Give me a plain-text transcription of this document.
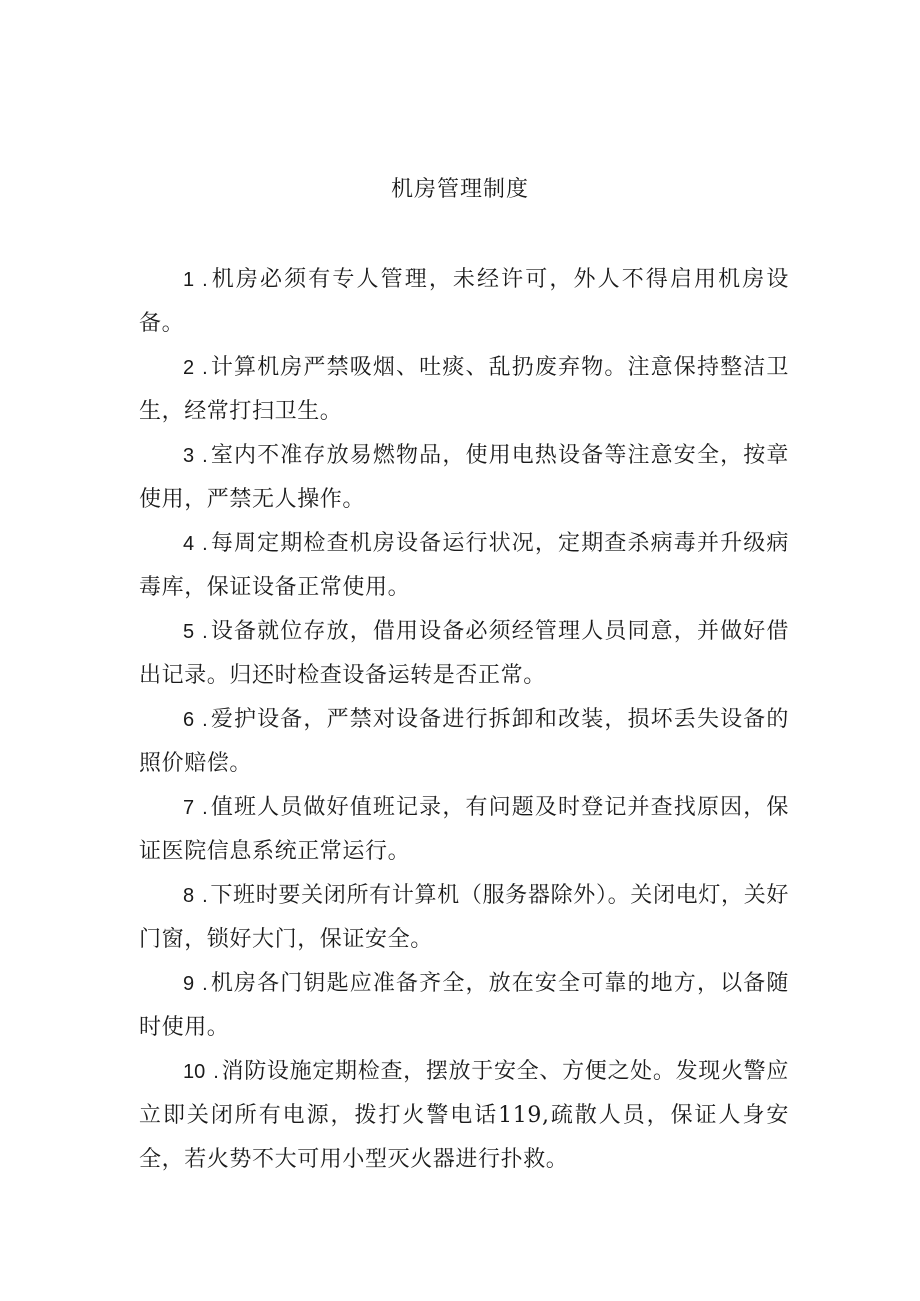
机房管理制度

1 .机房必须有专人管理，未经许可，外人不得启用机房设备。

2 .计算机房严禁吸烟、吐痰、乱扔废弃物。注意保持整洁卫生，经常打扫卫生。

3 .室内不准存放易燃物品，使用电热设备等注意安全，按章使用，严禁无人操作。

4 .每周定期检查机房设备运行状况，定期查杀病毒并升级病毒库，保证设备正常使用。

5 .设备就位存放，借用设备必须经管理人员同意，并做好借出记录。归还时检查设备运转是否正常。

6 .爱护设备，严禁对设备进行拆卸和改装，损坏丢失设备的照价赔偿。

7 .值班人员做好值班记录，有问题及时登记并查找原因，保证医院信息系统正常运行。

8 .下班时要关闭所有计算机（服务器除外）。关闭电灯，关好门窗，锁好大门，保证安全。

9 .机房各门钥匙应准备齐全，放在安全可靠的地方，以备随时使用。

10 .消防设施定期检查，摆放于安全、方便之处。发现火警应立即关闭所有电源，拨打火警电话119,疏散人员，保证人身安全，若火势不大可用小型灭火器进行扑救。
